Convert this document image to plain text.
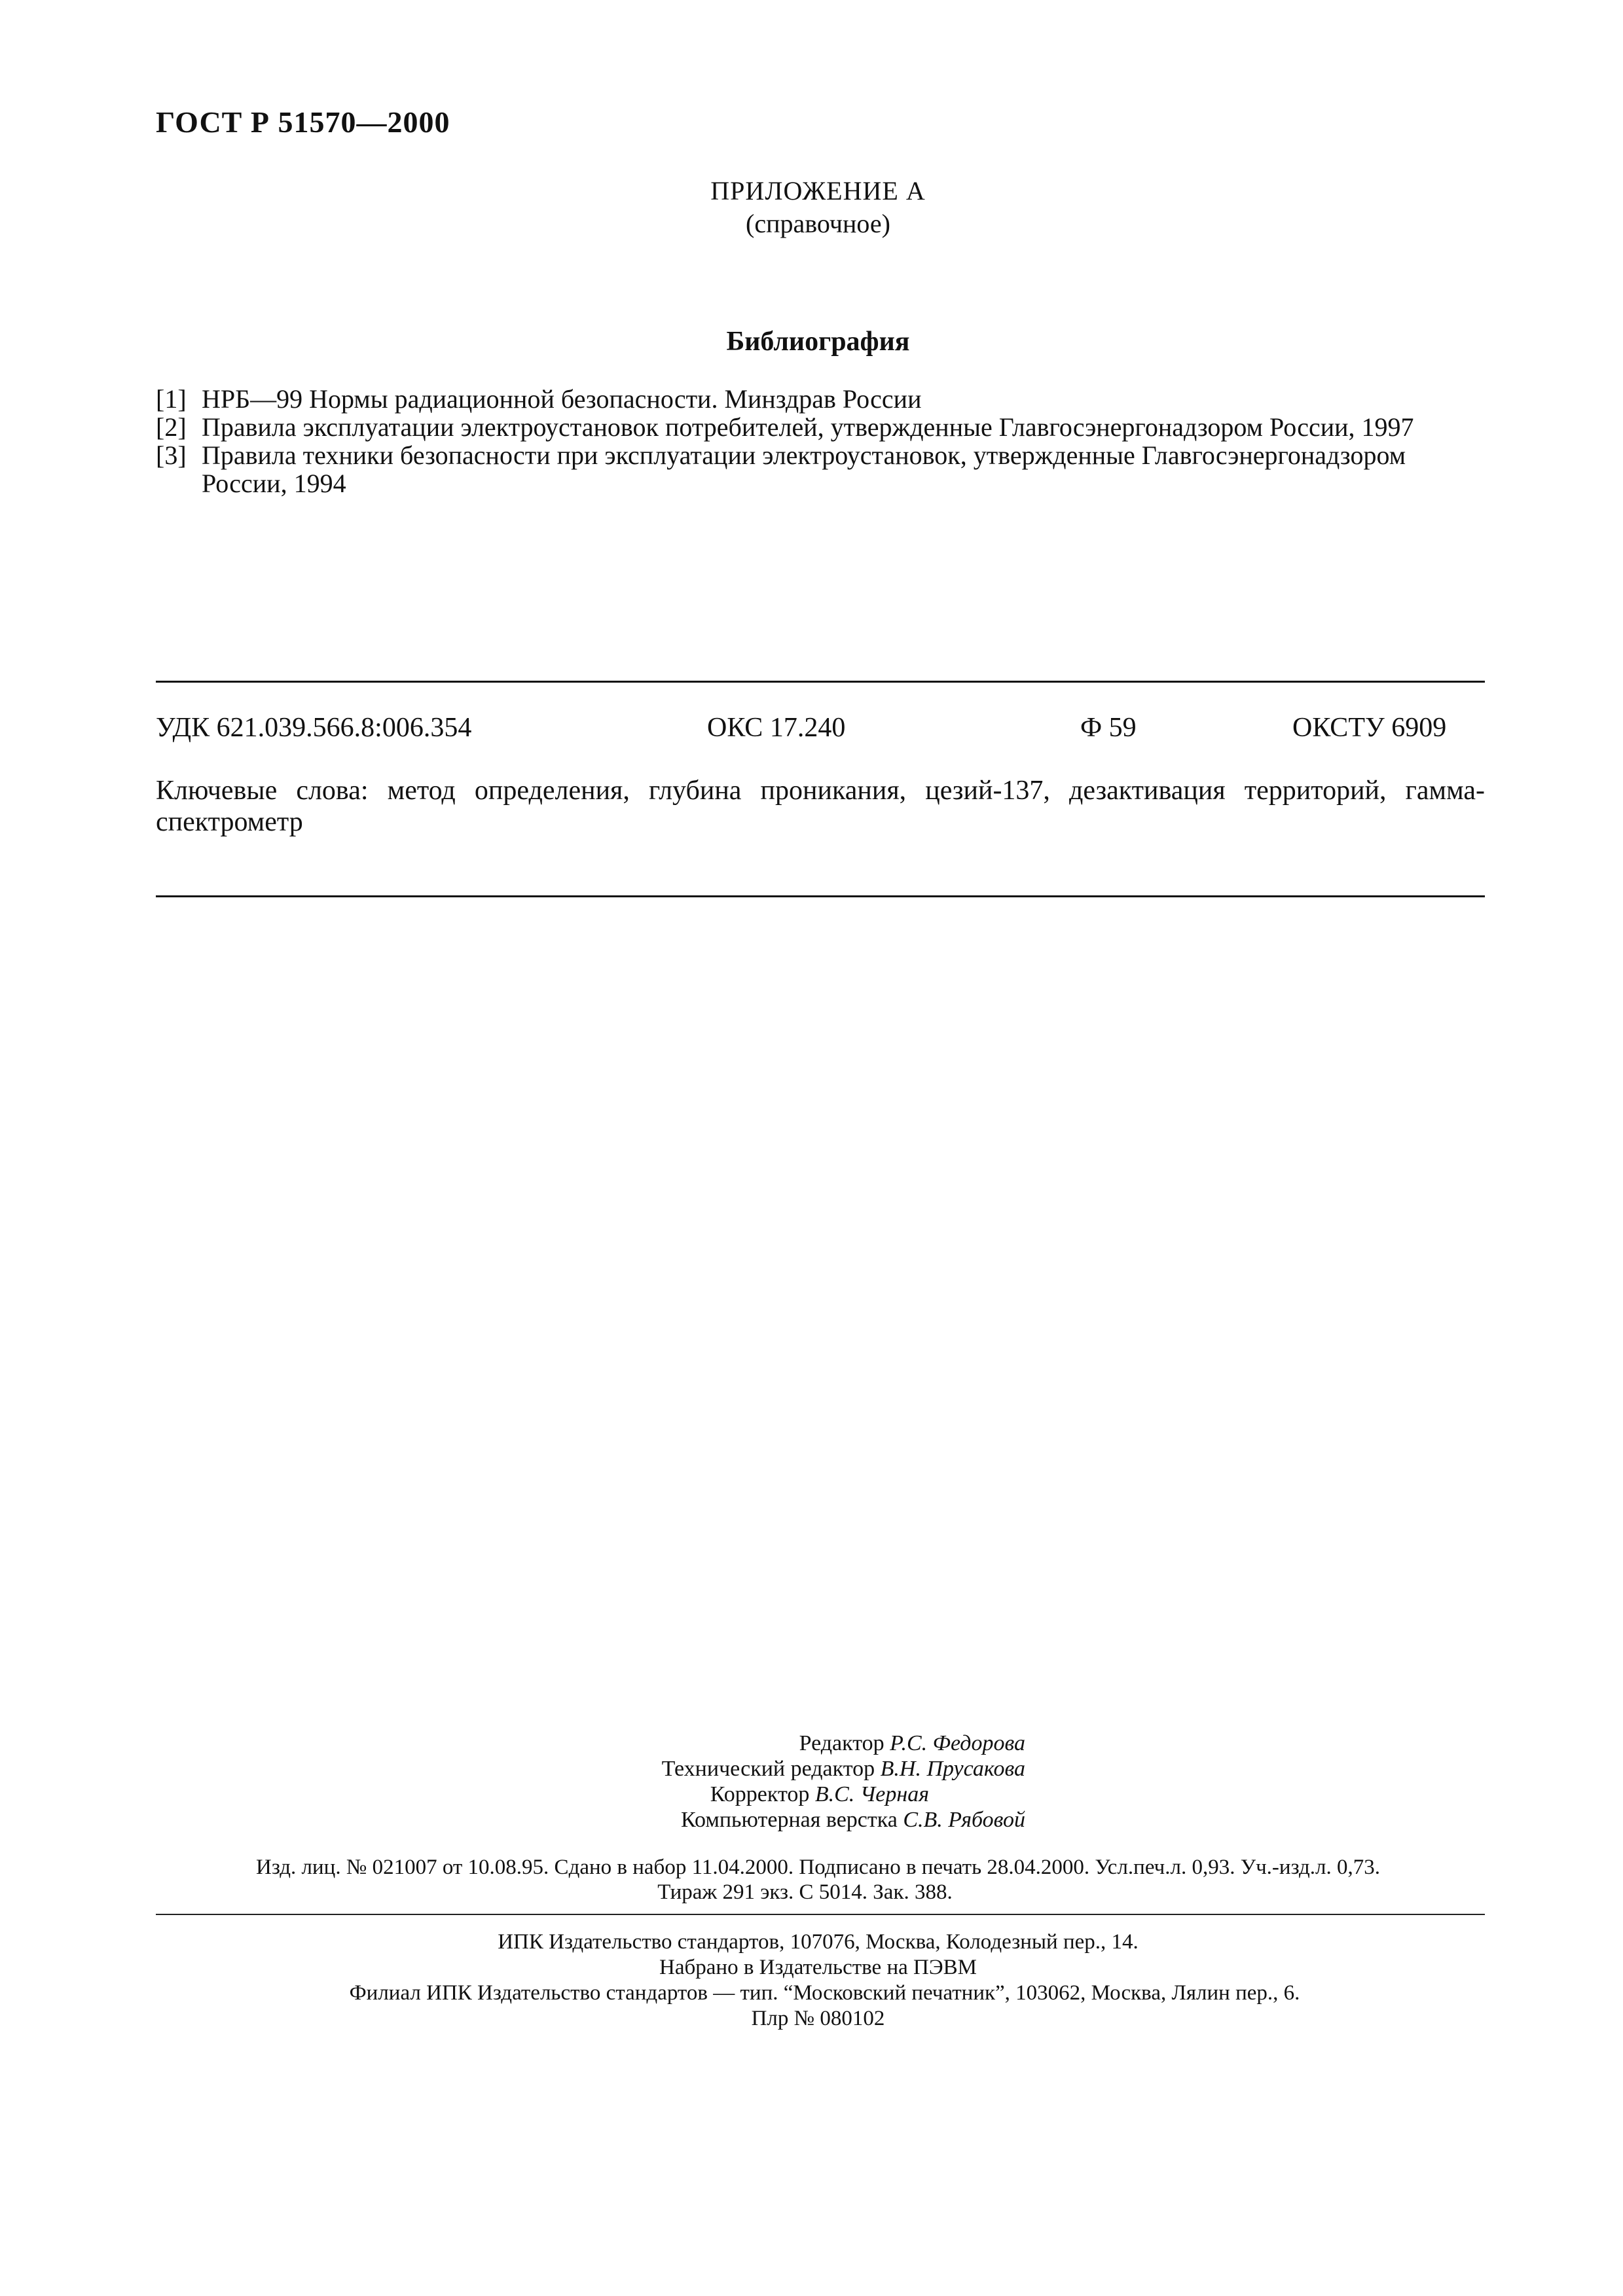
ГОСТ Р 51570—2000
ПРИЛОЖЕНИЕ А
(справочное)
Библиография
[1] НРБ—99 Нормы радиационной безопасности. Минздрав России
[2] Правила эксплуатации электроустановок потребителей, утвержденные Главгосэнергонадзором России, 1997
[3] Правила техники безопасности при эксплуатации электроустановок, утвержденные Главгосэнергонадзором России, 1994
УДК 621.039.566.8:006.354	ОКС 17.240	Ф 59	ОКСТУ 6909
Ключевые слова: метод определения, глубина проникания, цезий-137, дезактивация территорий, гамма-спектрометр
Редактор Р.С. Федорова
Технический редактор В.Н. Прусакова
Корректор В.С. Черная
Компьютерная верстка С.В. Рябовой
Изд. лиц. № 021007 от 10.08.95. Сдано в набор 11.04.2000. Подписано в печать 28.04.2000. Усл.печ.л. 0,93. Уч.-изд.л. 0,73.
Тираж 291 экз. С 5014. Зак. 388.
ИПК Издательство стандартов, 107076, Москва, Колодезный пер., 14.
Набрано в Издательстве на ПЭВМ
Филиал ИПК Издательство стандартов — тип. “Московский печатник”, 103062, Москва, Лялин пер., 6.
Плр № 080102
